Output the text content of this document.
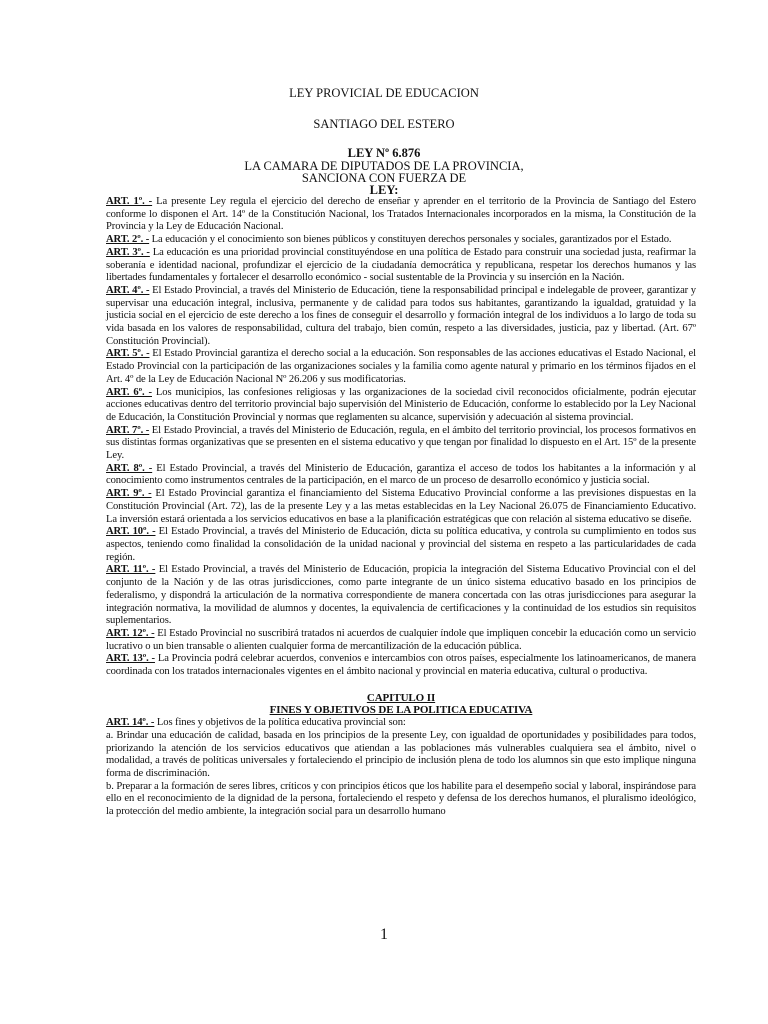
LEY PROVICIAL DE EDUCACION
SANTIAGO DEL ESTERO
LEY Nº 6.876
LA CAMARA DE DIPUTADOS DE LA PROVINCIA,
SANCIONA CON FUERZA DE
LEY:

ART. 1º. - La presente Ley regula el ejercicio del derecho de enseñar y aprender en el territorio de la Provincia de Santiago del Estero conforme lo disponen el Art. 14º de la Constitución Nacional, los Tratados Internacionales incorporados en la misma, la Constitución de la Provincia y la Ley de Educación Nacional.

ART. 2º. - La educación y el conocimiento son bienes públicos y constituyen derechos personales y sociales, garantizados por el Estado.

ART. 3º. - La educación es una prioridad provincial constituyéndose en una política de Estado para construir una sociedad justa, reafirmar la soberanía e identidad nacional, profundizar el ejercicio de la ciudadanía democrática y republicana, respetar los derechos humanos y las libertades fundamentales y fortalecer el desarrollo económico - social sustentable de la Provincia y su inserción en la Nación.

ART. 4º. - El Estado Provincial, a través del Ministerio de Educación, tiene la responsabilidad principal e indelegable de proveer, garantizar y supervisar una educación integral, inclusiva, permanente y de calidad para todos sus habitantes, garantizando la igualdad, gratuidad y la justicia social en el ejercicio de este derecho a los fines de conseguir el desarrollo y formación integral de los individuos a lo largo de toda su vida basada en los valores de responsabilidad, cultura del trabajo, bien común, respeto a las diversidades, justicia, paz y libertad. (Art. 67º Constitución Provincial).

ART. 5º. - El Estado Provincial garantiza el derecho social a la educación. Son responsables de las acciones educativas el Estado Nacional, el Estado Provincial con la participación de las organizaciones sociales y la familia como agente natural y primario en los términos fijados en el Art. 4º de la Ley de Educación Nacional Nº 26.206 y sus modificatorias.

ART. 6º. - Los municipios, las confesiones religiosas y las organizaciones de la sociedad civil reconocidos oficialmente, podrán ejecutar acciones educativas dentro del territorio provincial bajo supervisión del Ministerio de Educación, conforme lo establecido por la Ley Nacional de Educación, la Constitución Provincial y normas que reglamenten su alcance, supervisión y adecuación al sistema provincial.

ART. 7º. - El Estado Provincial, a través del Ministerio de Educación, regula, en el ámbito del territorio provincial, los procesos formativos en sus distintas formas organizativas que se presenten en el sistema educativo y que tengan por finalidad lo dispuesto en el Art. 15º de la presente Ley.

ART. 8º. - El Estado Provincial, a través del Ministerio de Educación, garantiza el acceso de todos los habitantes a la información y al conocimiento como instrumentos centrales de la participación, en el marco de un proceso de desarrollo económico y justicia social.

ART. 9º. - El Estado Provincial garantiza el financiamiento del Sistema Educativo Provincial conforme a las previsiones dispuestas en la Constitución Provincial (Art. 72), las de la presente Ley y a las metas establecidas en la Ley Nacional 26.075 de Financiamiento Educativo. La inversión estará orientada a los servicios educativos en base a la planificación estratégicas que con relación al sistema educativo se diseñe.

ART. 10º. - El Estado Provincial, a través del Ministerio de Educación, dicta su política educativa, y controla su cumplimiento en todos sus aspectos, teniendo como finalidad la consolidación de la unidad nacional y provincial del sistema en respeto a las particularidades de cada región.

ART. 11º. - El Estado Provincial, a través del Ministerio de Educación, propicia la integración del Sistema Educativo Provincial con el del conjunto de la Nación y de las otras jurisdicciones, como parte integrante de un único sistema educativo basado en los principios de federalismo, y dispondrá la articulación de la normativa correspondiente de manera concertada con las otras jurisdicciones para asegurar la integración normativa, la movilidad de alumnos y docentes, la equivalencia de certificaciones y la continuidad de los estudios sin requisitos suplementarios.

ART. 12º. - El Estado Provincial no suscribirá tratados ni acuerdos de cualquier índole que impliquen concebir la educación como un servicio lucrativo o un bien transable o alienten cualquier forma de mercantilización de la educación pública.

ART. 13º. - La Provincia podrá celebrar acuerdos, convenios e intercambios con otros países, especialmente los latinoamericanos, de manera coordinada con los tratados internacionales vigentes en el ámbito nacional y provincial en materia educativa, cultural o productiva.

CAPITULO II
FINES Y OBJETIVOS DE LA POLITICA EDUCATIVA

ART. 14º. - Los fines y objetivos de la política educativa provincial son:

a. Brindar una educación de calidad, basada en los principios de la presente Ley, con igualdad de oportunidades y posibilidades para todos, priorizando la atención de los servicios educativos que atiendan a las poblaciones más vulnerables cualquiera sea el ámbito, nivel o modalidad, a través de políticas universales y fortaleciendo el principio de inclusión plena de todo los alumnos sin que esto implique ninguna forma de discriminación.

b. Preparar a la formación de seres libres, críticos y con principios éticos que los habilite para el desempeño social y laboral, inspirándose para ello en el reconocimiento de la dignidad de la persona, fortaleciendo el respeto y defensa de los derechos humanos, el pluralismo ideológico, la protección del medio ambiente, la integración social para un desarrollo humano

1
